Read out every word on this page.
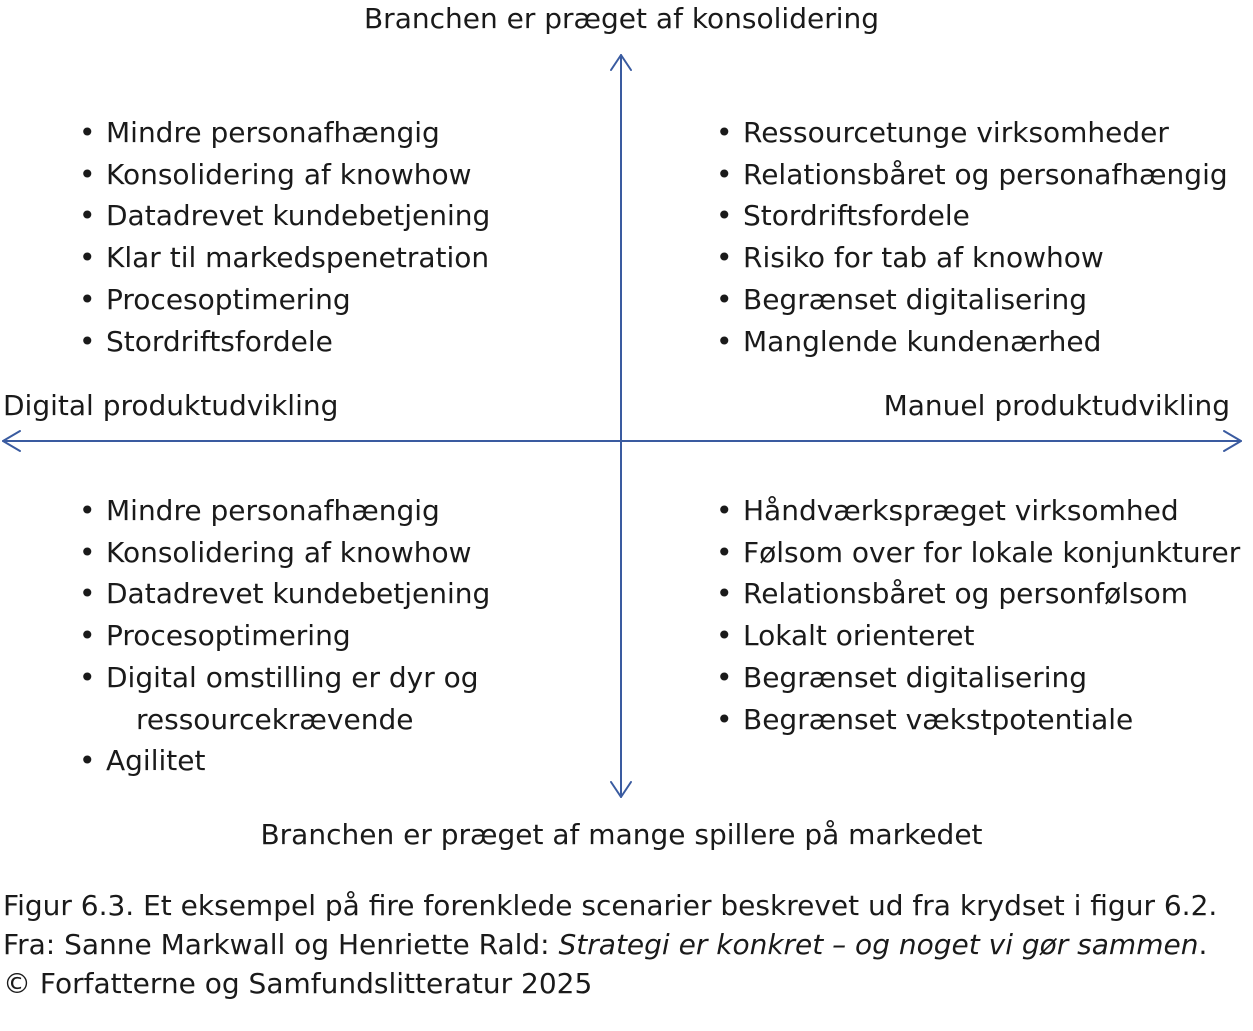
Branchen er præget af konsolidering
Digital produktudvikling	Manuel produktudvikling
Branchen er præget af mange spillere på markedet
• Mindre personafhængig
• Konsolidering af knowhow
• Datadrevet kundebetjening
• Klar til markedspenetration
• Procesoptimering
• Stordriftsfordele
• Ressourcetunge virksomheder
• Relationsbåret og personafhængig
• Stordriftsfordele
• Risiko for tab af knowhow
• Begrænset digitalisering
• Manglende kundenærhed
• Mindre personafhængig
• Konsolidering af knowhow
• Datadrevet kundebetjening
• Procesoptimering
• Digital omstilling er dyr og
ressourcekrævende
• Agilitet
• Håndværkspræget virksomhed
• Følsom over for lokale konjunkturer
• Relationsbåret og personfølsom
• Lokalt orienteret
• Begrænset digitalisering
• Begrænset vækstpotentiale
Figur 6.3. Et eksempel på fire forenklede scenarier beskrevet ud fra krydset i figur 6.2.
Fra: Sanne Markwall og Henriette Rald: Strategi er konkret – og noget vi gør sammen.
© Forfatterne og Samfundslitteratur 2025
